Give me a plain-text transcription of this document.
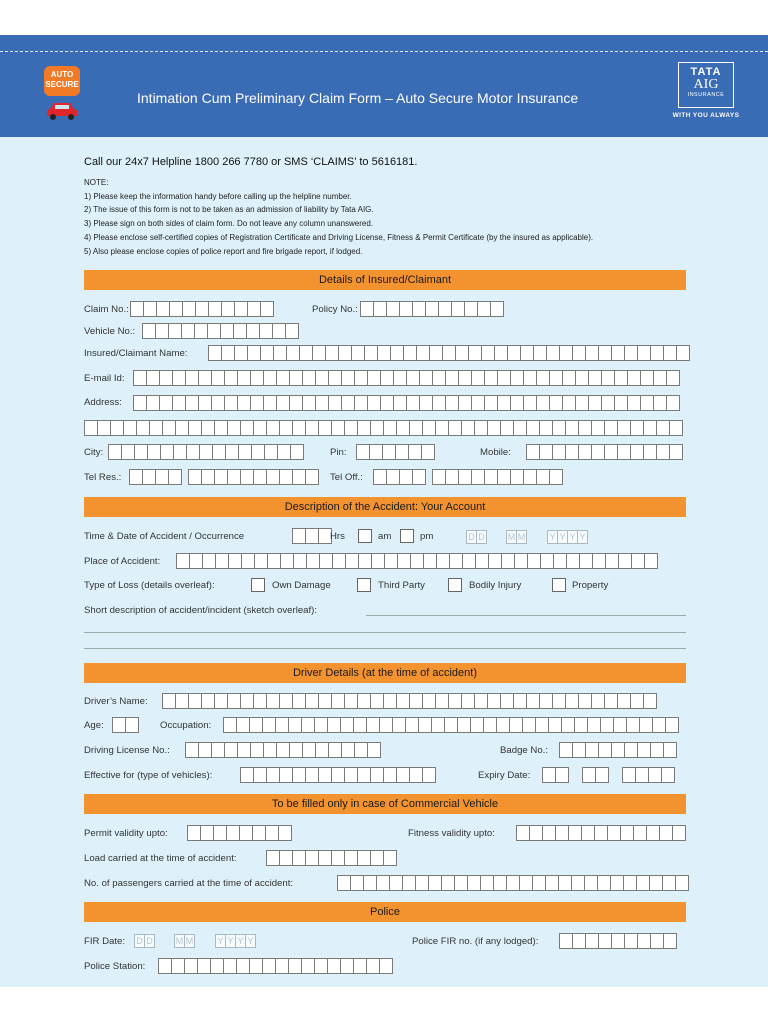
AUTO SECURE
Intimation Cum Preliminary Claim Form – Auto Secure Motor Insurance
TATA
AIG
INSURANCE
WITH YOU ALWAYS
Call our 24x7 Helpline 1800 266 7780 or SMS ‘CLAIMS’ to 5616181.
NOTE:
1) Please keep the information handy before calling up the helpline number.
2) The issue of this form is not to be taken as an admission of liability by Tata AIG.
3) Please sign on both sides of claim form. Do not leave any column unanswered.
4) Please enclose self-certified copies of Registration Certificate and Driving License, Fitness & Permit Certificate (by the insured as applicable).
5) Also please enclose copies of police report and fire brigade report, if lodged.
Details of Insured/Claimant
Claim No.:	Policy No.:
Vehicle No.:
Insured/Claimant Name:
E-mail Id:
Address:
City:	Pin:	Mobile:
Tel Res.:	Tel Off.:
Description of the Accident: Your Account
Time & Date of Accident / Occurrence	Hrs	am	pm	D D	M M	Y Y Y Y
Place of Accident:
Type of Loss (details overleaf):	Own Damage	Third Party	Bodily Injury	Property
Short description of accident/incident (sketch overleaf):
Driver Details (at the time of accident)
Driver’s Name:
Age:	Occupation:
Driving License No.:	Badge No.:
Effective for (type of vehicles):	Expiry Date:
To be filled only in case of Commercial Vehicle
Permit validity upto:	Fitness validity upto:
Load carried at the time of accident:
No. of passengers carried at the time of accident:
Police
FIR Date: D D	M M	Y Y Y Y	Police FIR no. (if any lodged):
Police Station:
